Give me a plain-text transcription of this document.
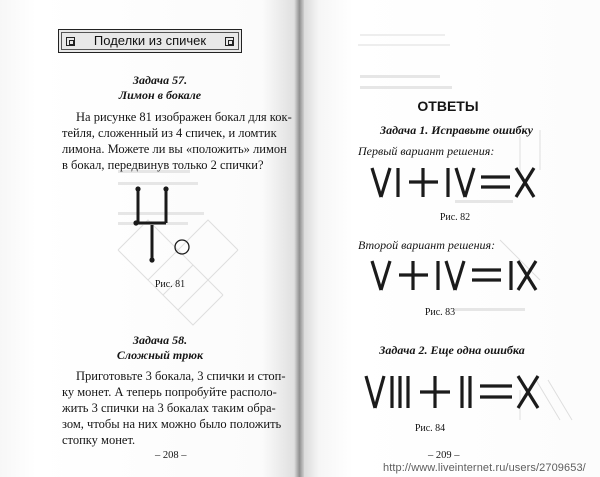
Поделки из спичек
Задача 57.
Лимон в бокале
На рисунке 81 изображен бокал для кок-
тейля, сложенный из 4 спичек, и ломтик
лимона. Можете ли вы «положить» лимон
в бокал, передвинув только 2 спички?
Рис. 81
Задача 58.
Сложный трюк
Приготовьте 3 бокала, 3 спички и стоп-
ку монет. А теперь попробуйте располо-
жить 3 спички на 3 бокалах таким обра-
зом, чтобы на них можно было положить
стопку монет.
– 208 –
ОТВЕТЫ
Задача 1. Исправьте ошибку
Первый вариант решения:
Рис. 82
Второй вариант решения:
Рис. 83
Задача 2. Еще одна ошибка
Рис. 84
– 209 –
http://www.liveinternet.ru/users/2709653/
